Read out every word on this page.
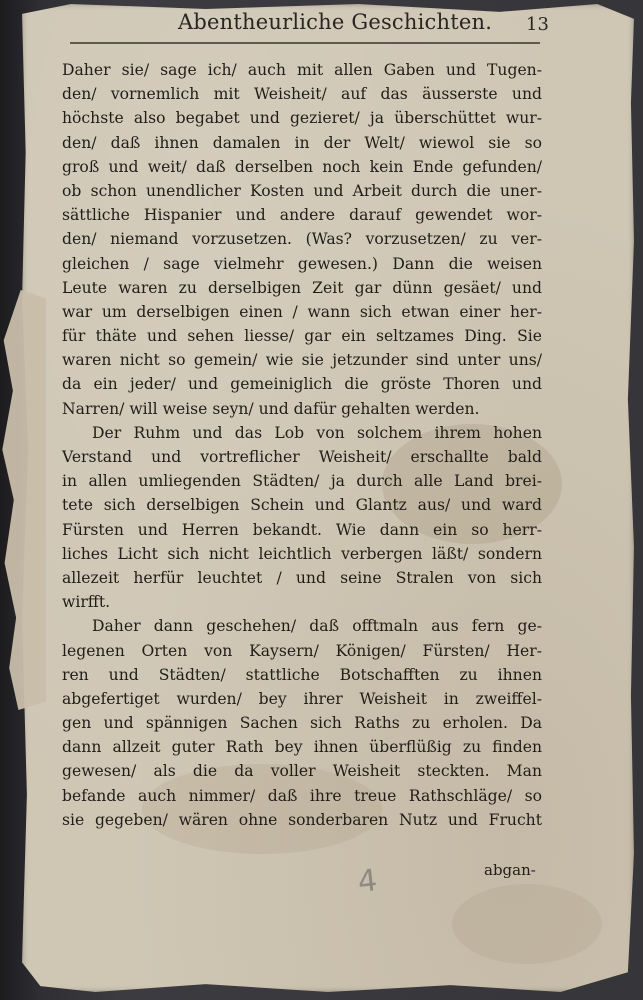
Abentheurliche Geschichten.	13
Daher sie/ sage ich/ auch mit allen Gaben und Tugen-
den/ vornemlich mit Weisheit/ auf das äusserste und
höchste also begabet und gezieret/ ja überschüttet wur-
den/ daß ihnen damalen in der Welt/ wiewol sie so
groß und weit/ daß derselben noch kein Ende gefunden/
ob schon unendlicher Kosten und Arbeit durch die uner-
sättliche Hispanier und andere darauf gewendet wor-
den/ niemand vorzusetzen. (Was? vorzusetzen/ zu ver-
gleichen / sage vielmehr gewesen.) Dann die weisen
Leute waren zu derselbigen Zeit gar dünn gesäet/ und
war um derselbigen einen / wann sich etwan einer her-
für thäte und sehen liesse/ gar ein seltzames Ding. Sie
waren nicht so gemein/ wie sie jetzunder sind unter uns/
da ein jeder/ und gemeiniglich die gröste Thoren und
Narren/ will weise seyn/ und dafür gehalten werden.
Der Ruhm und das Lob von solchem ihrem hohen
Verstand und vortreflicher Weisheit/ erschallte bald
in allen umliegenden Städten/ ja durch alle Land brei-
tete sich derselbigen Schein und Glantz aus/ und ward
Fürsten und Herren bekandt. Wie dann ein so herr-
liches Licht sich nicht leichtlich verbergen läßt/ sondern
allezeit herfür leuchtet / und seine Stralen von sich
wirfft.
Daher dann geschehen/ daß offtmaln aus fern ge-
legenen Orten von Kaysern/ Königen/ Fürsten/ Her-
ren und Städten/ stattliche Botschafften zu ihnen
abgefertiget wurden/ bey ihrer Weisheit in zweiffel-
gen und spännigen Sachen sich Raths zu erholen. Da
dann allzeit guter Rath bey ihnen überflüßig zu finden
gewesen/ als die da voller Weisheit steckten. Man
befande auch nimmer/ daß ihre treue Rathschläge/ so
sie gegeben/ wären ohne sonderbaren Nutz und Frucht
4	abgan-
